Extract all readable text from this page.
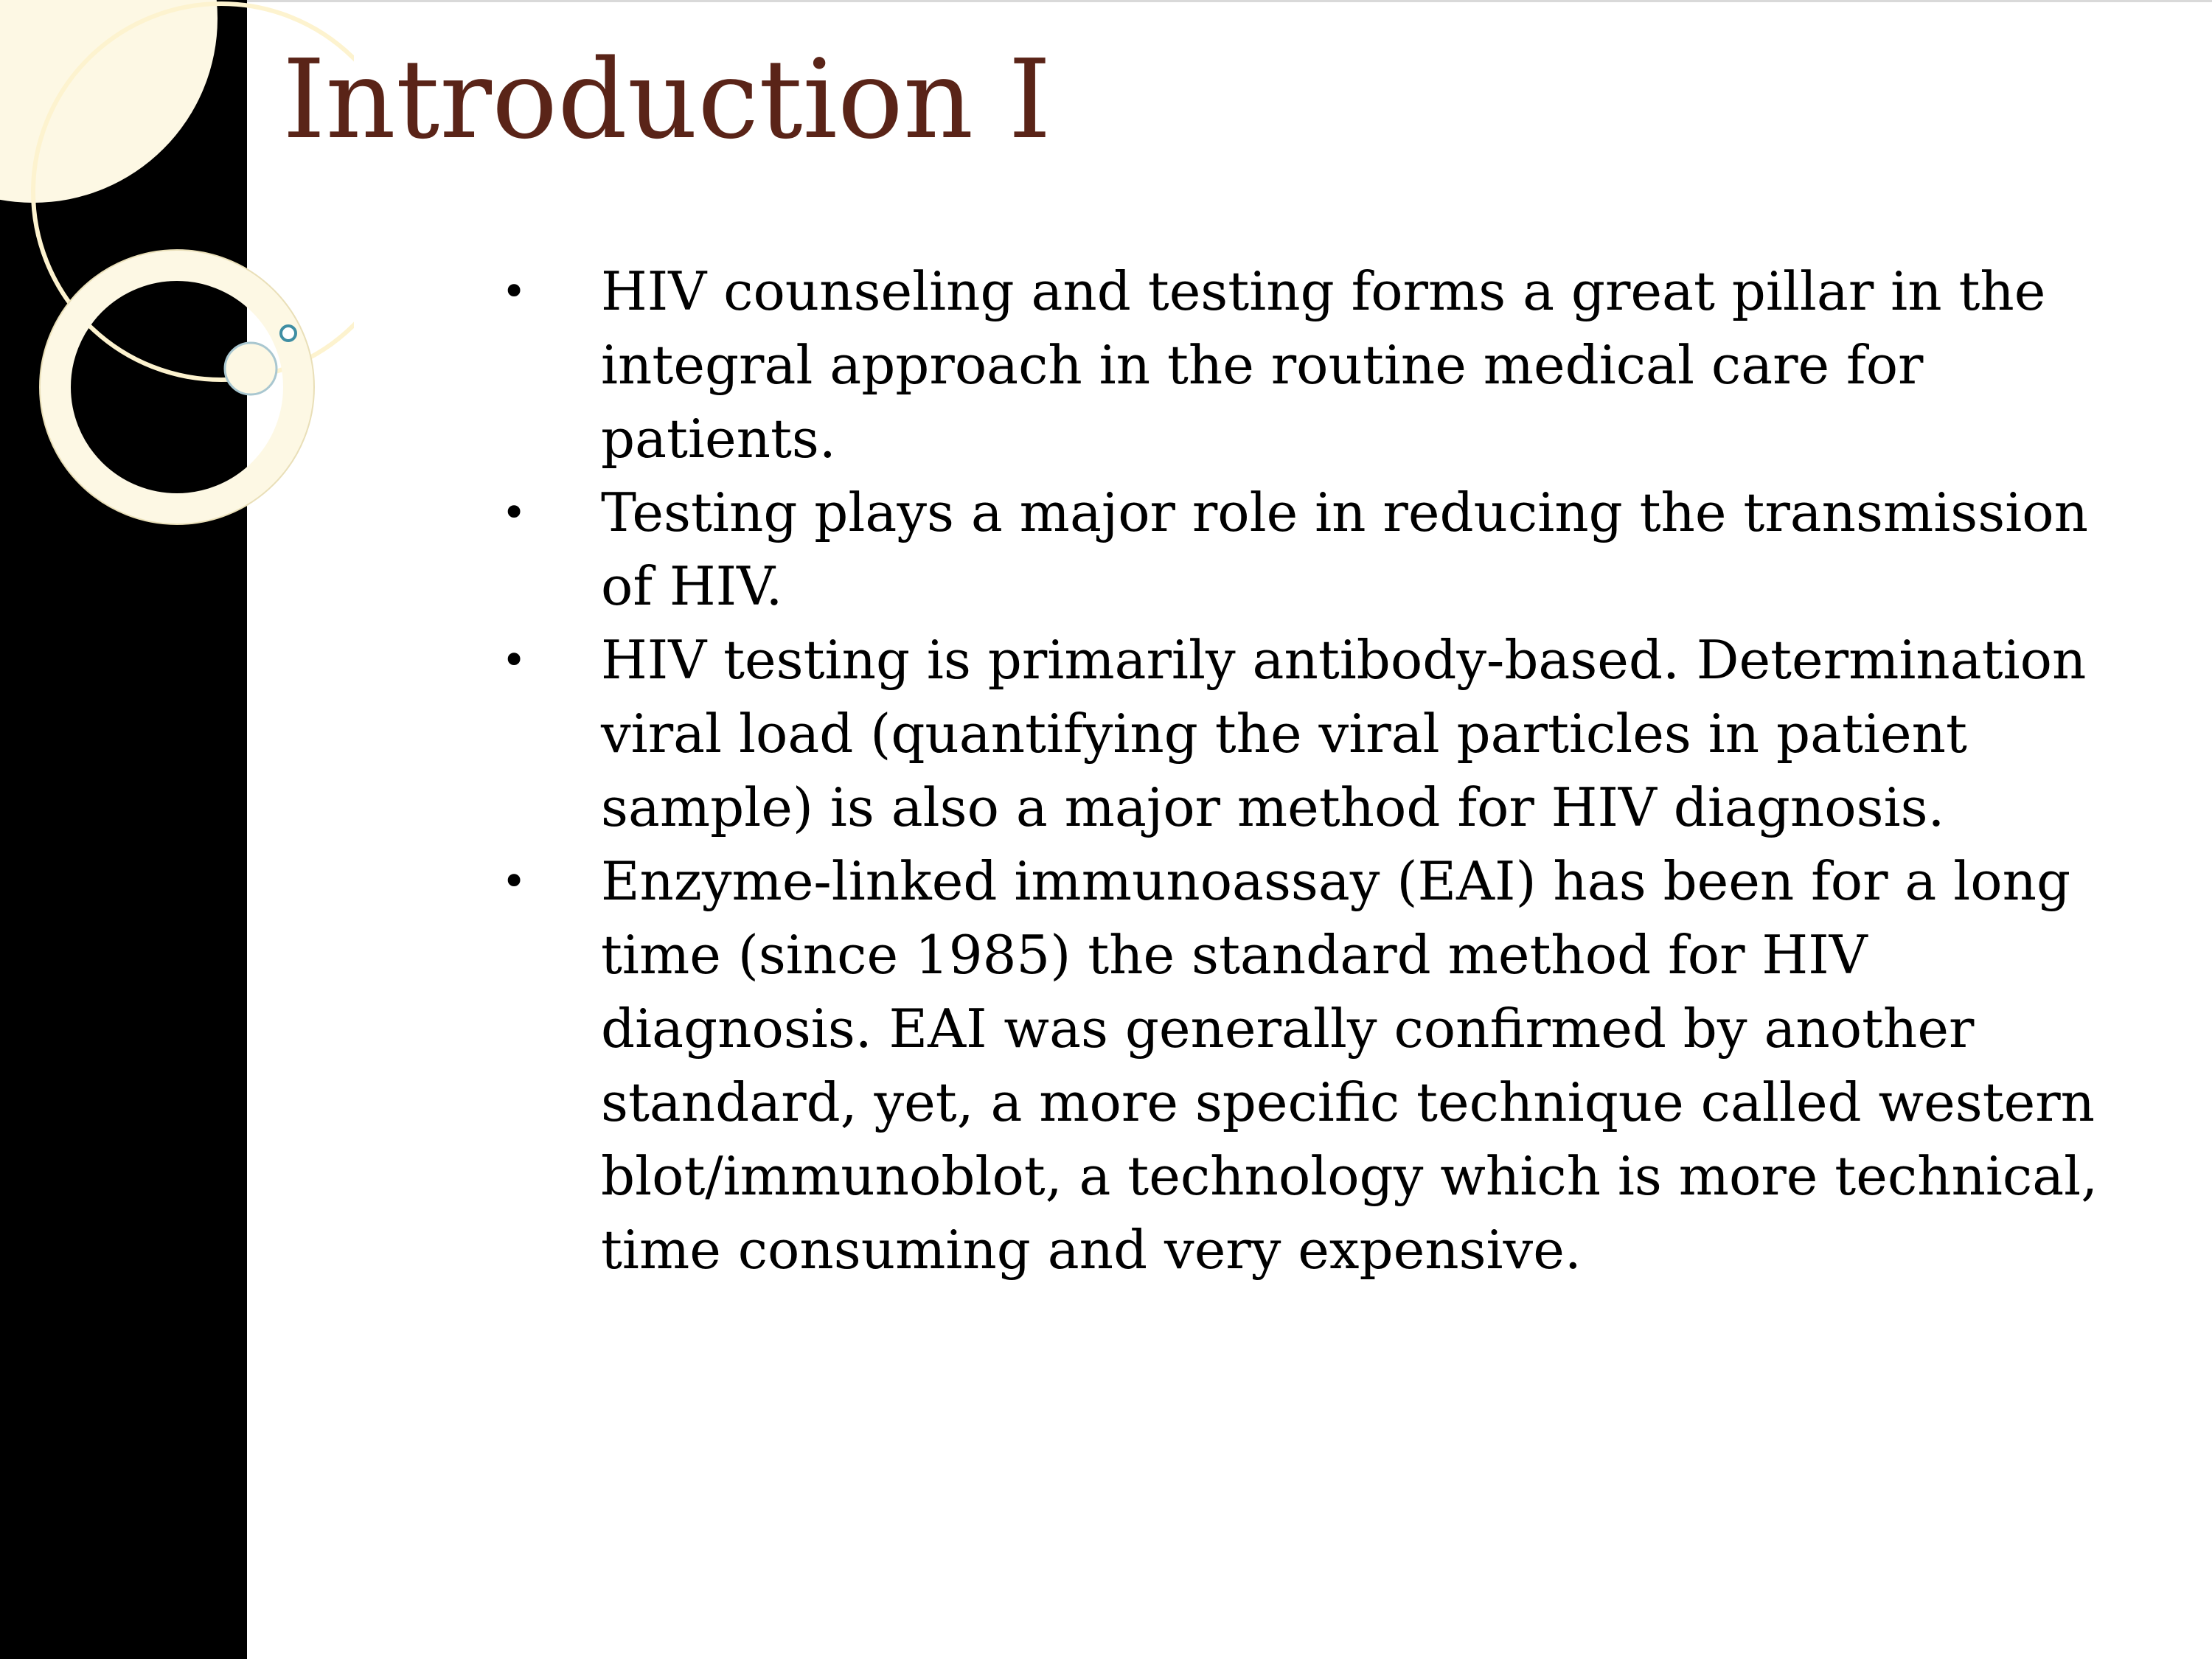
Introduction I
•	HIV counseling and testing forms a great pillar in the integral approach in the routine medical care for patients.
•	Testing plays a major role in reducing the transmission of HIV.
•	HIV testing is primarily antibody-based. Determination viral load (quantifying the viral particles in patient sample) is also a major method for HIV diagnosis.
•	Enzyme-linked immunoassay (EAI) has been for a long time (since 1985) the standard method for HIV diagnosis. EAI was generally confirmed by another standard, yet, a more specific technique called western blot/immunoblot, a technology which is more technical, time consuming and very expensive.
